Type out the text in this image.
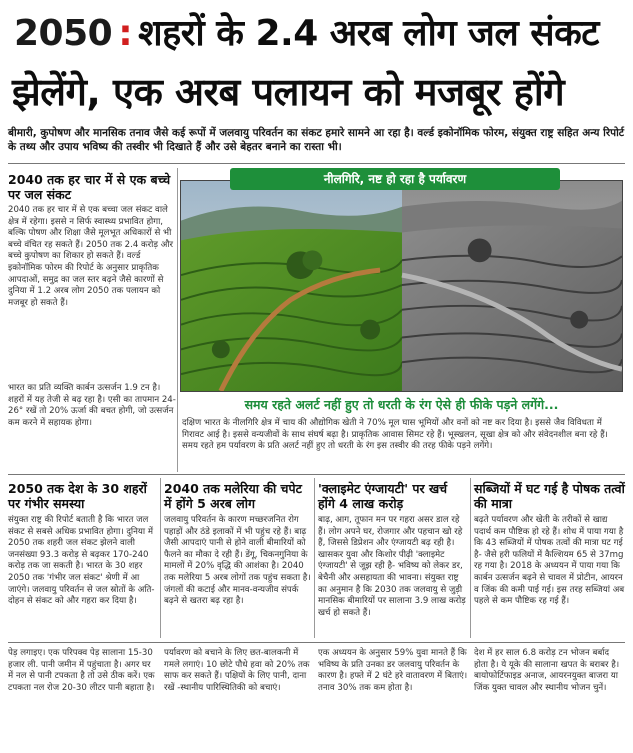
2050 : शहरों के 2.4 अरब लोग जल संकट
झेलेंगे, एक अरब पलायन को मजबूर होंगे
बीमारी, कुपोषण और मानसिक तनाव जैसे कई रूपों में जलवायु परिवर्तन का संकट हमारे सामने आ रहा है। वर्ल्ड इकोनॉमिक फोरम, संयुक्त राष्ट्र सहित अन्य रिपोर्ट के तथ्य और उपाय भविष्य की तस्वीर भी दिखाते हैं और उसे बेहतर बनाने का रास्ता भी।
2040 तक हर चार में से एक बच्चे पर जल संकट
2040 तक हर चार में से एक बच्चा जल संकट वाले क्षेत्र में रहेगा। इससे न सिर्फ स्वास्थ्य प्रभावित होगा, बल्कि पोषण और शिक्षा जैसे मूलभूत अधिकारों से भी बच्चे वंचित रह सकते हैं। 2050 तक 2.4 करोड़ और बच्चे कुपोषण का शिकार हो सकते हैं। वर्ल्ड इकोनॉमिक फोरम की रिपोर्ट के अनुसार प्राकृतिक आपदाओं, समुद्र का जल स्तर बढ़ने जैसे कारणों से दुनिया में 1.2 अरब लोग 2050 तक पलायन को मजबूर हो सकते हैं।
भारत का प्रति व्यक्ति कार्बन उत्सर्जन 1.9 टन है। शहरों में यह तेजी से बढ़ रहा है। एसी का तापमान 24-26° रखें तो 20% ऊर्जा की बचत होगी, जो उत्सर्जन कम करने में सहायक होगा।
नीलगिरि, नष्ट हो रहा है पर्यावरण
समय रहते अलर्ट नहीं हुए तो धरती के रंग ऐसे ही फीके पड़ने लगेंगे...
दक्षिण भारत के नीलगिरि क्षेत्र में चाय की औद्योगिक खेती ने 70% मूल घास भूमियों और वनों को नष्ट कर दिया है। इससे जैव विविधता में गिरावट आई है। इससे वन्यजीवों के साथ संघर्ष बढ़ा है। प्राकृतिक आवास सिमट रहे हैं। भूस्खलन, सूखा क्षेत्र को और संवेदनशील बना रहे हैं। समय रहते हम पर्यावरण के प्रति अलर्ट नहीं हुए तो धरती के रंग इस तस्वीर की तरह फीके पड़ने लगेंगे।
2050 तक देश के 30 शहरों पर गंभीर समस्या
संयुक्त राष्ट्र की रिपोर्ट बताती है कि भारत जल संकट से सबसे अधिक प्रभावित होगा। दुनिया में 2050 तक शहरी जल संकट झेलने वाली जनसंख्या 93.3 करोड़ से बढ़कर 170-240 करोड़ तक जा सकती है। भारत के 30 शहर 2050 तक 'गंभीर जल संकट' श्रेणी में आ जाएंगे। जलवायु परिवर्तन से जल स्रोतों के अति-दोहन से संकट को और गहरा कर दिया है।
2040 तक मलेरिया की चपेट में होंगे 5 अरब लोग
जलवायु परिवर्तन के कारण मच्छरजनित रोग पहाड़ों और ठंडे इलाकों में भी पहुंच रहे हैं। बाढ़ जैसी आपदाएं पानी से होने वाली बीमारियों को फैलने का मौका दे रही हैं। डेंगू, चिकनगुनिया के मामलों में 20% वृद्धि की आशंका है। 2040 तक मलेरिया 5 अरब लोगों तक पहुंच सकता है। जंगलों की कटाई और मानव-वन्यजीव संपर्क बढ़ने से खतरा बढ़ रहा है।
'क्लाइमेट एंग्जायटी' पर खर्च होंगे 4 लाख करोड़
बाढ़, आग, तूफान मन पर गहरा असर डाल रहे हैं। लोग अपने घर, रोजगार और पहचान खो रहे हैं, जिससे डिप्रेशन और एंग्जायटी बढ़ रही है। खासकर युवा और किशोर पीढ़ी 'क्लाइमेट एंग्जायटी' से जूझ रही है- भविष्य को लेकर डर, बेचैनी और असहायता की भावना। संयुक्त राष्ट्र का अनुमान है कि 2030 तक जलवायु से जुड़ी मानसिक बीमारियों पर सालाना 3.9 लाख करोड़ खर्च हो सकते हैं।
सब्जियों में घट गई है पोषक तत्वों की मात्रा
बढ़ते पर्यावरण और खेती के तरीकों से खाद्य पदार्थ कम पौष्टिक हो रहे हैं। शोध में पाया गया है कि 43 सब्जियों में पोषक तत्वों की मात्रा घट गई है- जैसे हरी फलियों में कैल्शियम 65 से 37mg रह गया है। 2018 के अध्ययन में पाया गया कि कार्बन उत्सर्जन बढ़ने से चावल में प्रोटीन, आयरन व जिंक की कमी पाई गई। इस तरह सब्जियां अब पहले से कम पौष्टिक रह गई हैं।
पेड़ लगाइए। एक परिपक्व पेड़ सालाना 15-30 हजार ली. पानी जमीन में पहुंचाता है। अगर घर में नल से पानी टपकता है तो उसे ठीक करें। एक टपकता नल रोज 20-30 लीटर पानी बहाता है।
पर्यावरण को बचाने के लिए छत-बालकनी में गमले लगाएं। 10 छोटे पौधे हवा को 20% तक साफ कर सकते हैं। पक्षियों के लिए पानी, दाना रखें -स्थानीय पारिस्थितिकी को बचाएं।
एक अध्ययन के अनुसार 59% युवा मानते हैं कि भविष्य के प्रति उनका डर जलवायु परिवर्तन के कारण है। हफ्ते में 2 घंटे हरे वातावरण में बिताएं। तनाव 30% तक कम होता है।
देश में हर साल 6.8 करोड़ टन भोजन बर्बाद होता है। ये यूके की सालाना खपत के बराबर है। बायोफोर्टिफाइड अनाज, आयरनयुक्त बाजरा या जिंक युक्त चावल और स्थानीय भोजन चुनें।
